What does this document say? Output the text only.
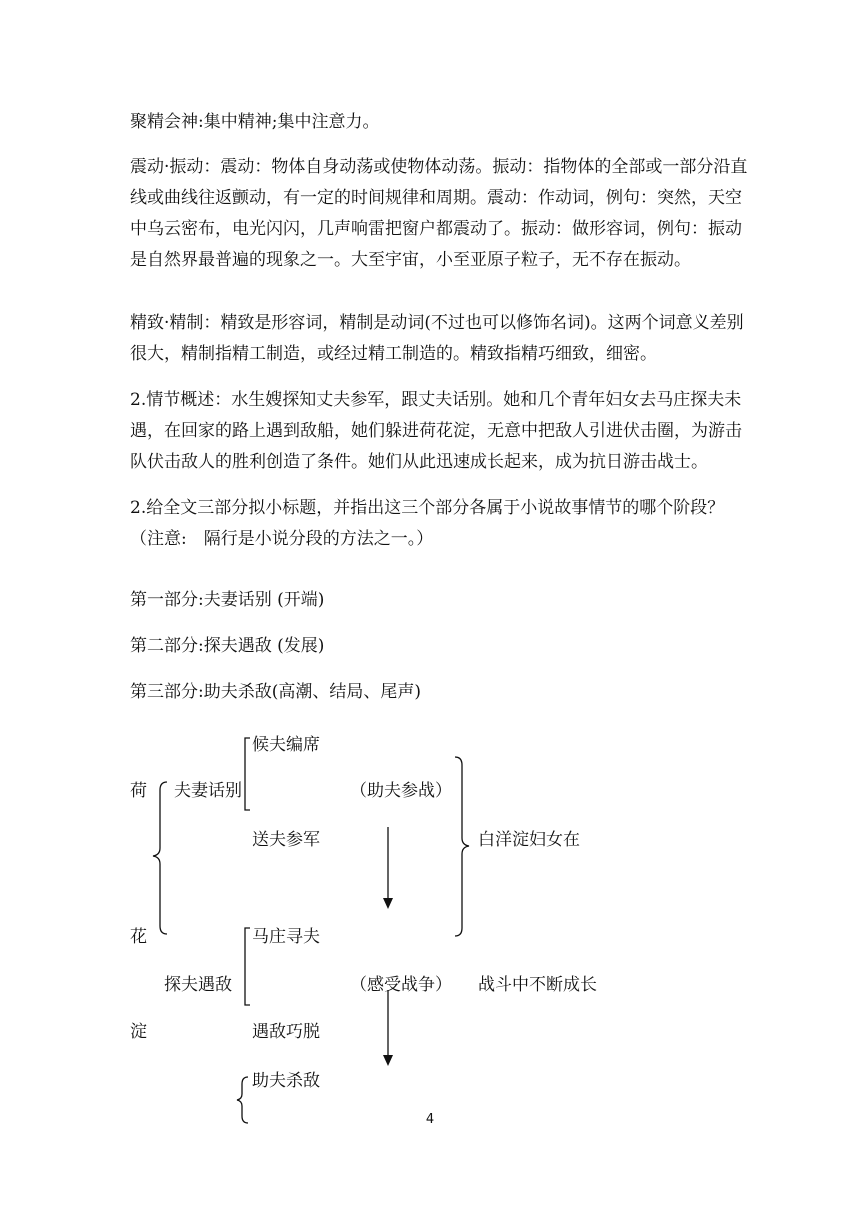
聚精会神:集中精神;集中注意力。

震动·振动：震动：物体自身动荡或使物体动荡。振动：指物体的全部或一部分沿直线或曲线往返颤动，有一定的时间规律和周期。震动：作动词，例句：突然，天空中乌云密布，电光闪闪，几声响雷把窗户都震动了。振动：做形容词，例句：振动是自然界最普遍的现象之一。大至宇宙，小至亚原子粒子，无不存在振动。

精致·精制：精致是形容词，精制是动词(不过也可以修饰名词)。这两个词意义差别很大，精制指精工制造，或经过精工制造的。精致指精巧细致，细密。

2.情节概述：水生嫂探知丈夫参军，跟丈夫话别。她和几个青年妇女去马庄探夫未遇，在回家的路上遇到敌船，她们躲进荷花淀，无意中把敌人引进伏击圈，为游击队伏击敌人的胜利创造了条件。她们从此迅速成长起来，成为抗日游击战士。

2.给全文三部分拟小标题，并指出这三个部分各属于小说故事情节的哪个阶段？（注意:　隔行是小说分段的方法之一。）

第一部分:夫妻话别 (开端)

第二部分:探夫遇敌 (发展)

第三部分:助夫杀敌(高潮、结局、尾声)

荷
花
淀
候夫编席
夫妻话别	（助夫参战）
送夫参军	白洋淀妇女在
马庄寻夫
探夫遇敌	（感受战争） 战斗中不断成长
遇敌巧脱
助夫杀敌
4
